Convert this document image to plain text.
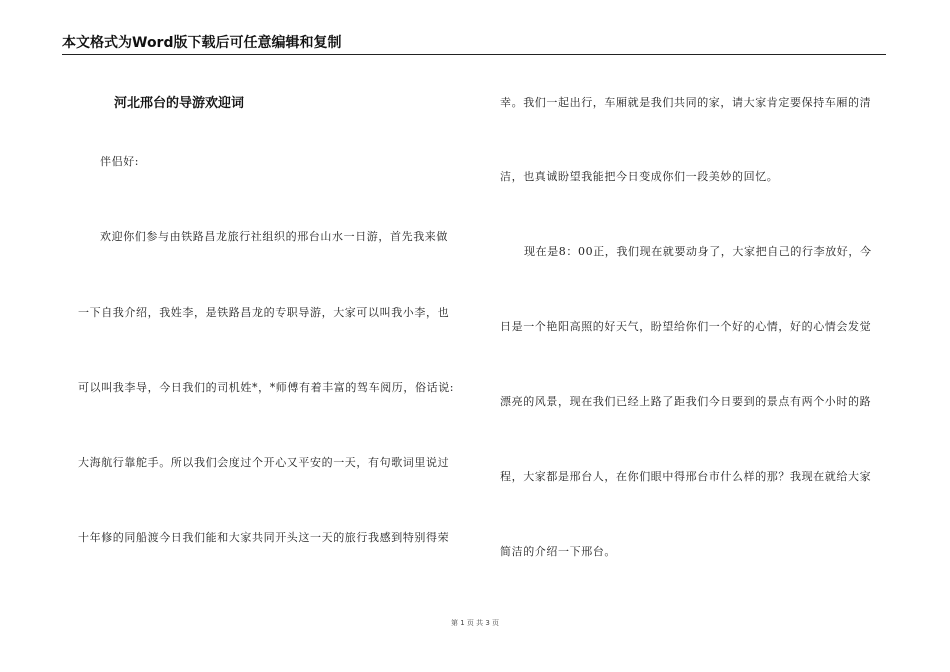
本文格式为Word版下载后可任意编辑和复制
河北邢台的导游欢迎词
伴侣好:
欢迎你们参与由铁路昌龙旅行社组织的邢台山水一日游，首先我来做
一下自我介绍，我姓李，是铁路昌龙的专职导游，大家可以叫我小李，也
可以叫我李导，今日我们的司机姓*，*师傅有着丰富的驾车阅历，俗话说:
大海航行靠舵手。所以我们会度过个开心又平安的一天，有句歌词里说过
十年修的同船渡今日我们能和大家共同开头这一天的旅行我感到特别得荣
幸。我们一起出行，车厢就是我们共同的家，请大家肯定要保持车厢的清
洁，也真诚盼望我能把今日变成你们一段美妙的回忆。
现在是8：00正，我们现在就要动身了，大家把自己的行李放好，今
日是一个艳阳高照的好天气，盼望给你们一个好的心情，好的心情会发觉
漂亮的风景，现在我们已经上路了距我们今日要到的景点有两个小时的路
程，大家都是邢台人，在你们眼中得邢台市什么样的那？我现在就给大家
简洁的介绍一下邢台。
第 1 页 共 3 页
